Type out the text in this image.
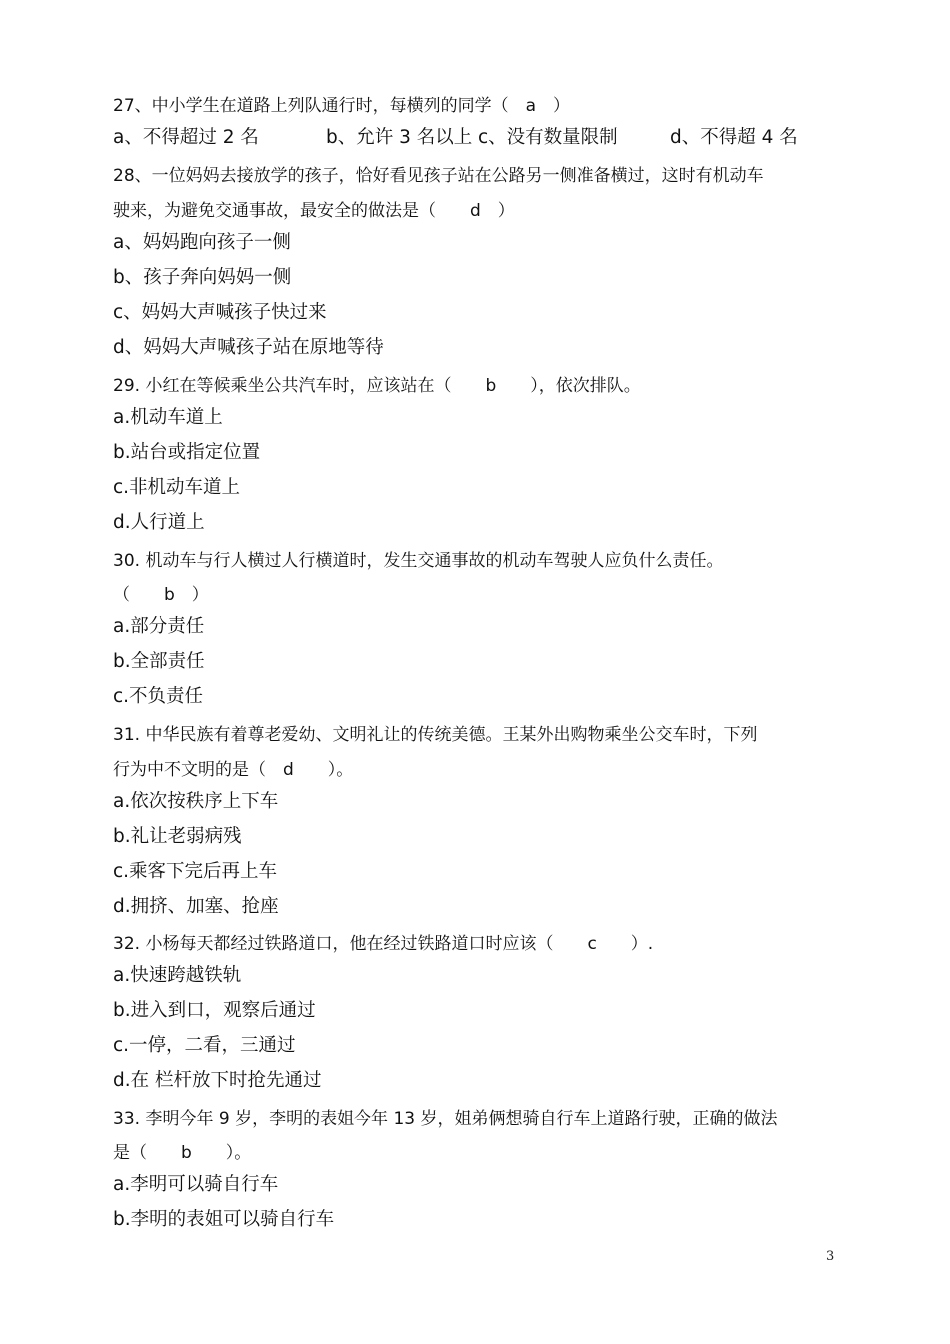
27、中小学生在道路上列队通行时，每横列的同学（　a　）
a、不得超过 2 名	b、允许 3 名以上 c、没有数量限制	d、不得超 4 名
28、一位妈妈去接放学的孩子，恰好看见孩子站在公路另一侧准备横过，这时有机动车
驶来，为避免交通事故，最安全的做法是（　　d　）
a、妈妈跑向孩子一侧
b、孩子奔向妈妈一侧
c、妈妈大声喊孩子快过来
d、妈妈大声喊孩子站在原地等待
29. 小红在等候乘坐公共汽车时，应该站在（　　b　　），依次排队。
a.机动车道上
b.站台或指定位置
c.非机动车道上
d.人行道上
30. 机动车与行人横过人行横道时，发生交通事故的机动车驾驶人应负什么责任。
（　　b　）
a.部分责任
b.全部责任
c.不负责任
31. 中华民族有着尊老爱幼、文明礼让的传统美德。王某外出购物乘坐公交车时，下列
行为中不文明的是（　d　　）。
a.依次按秩序上下车
b.礼让老弱病残
c.乘客下完后再上车
d.拥挤、加塞、抢座
32. 小杨每天都经过铁路道口，他在经过铁路道口时应该（　　c　　）.
a.快速跨越铁轨
b.进入到口，观察后通过
c.一停，二看，三通过
d.在 栏杆放下时抢先通过
33. 李明今年 9 岁，李明的表姐今年 13 岁，姐弟俩想骑自行车上道路行驶，正确的做法
是（　　b　　）。
a.李明可以骑自行车
b.李明的表姐可以骑自行车
3
